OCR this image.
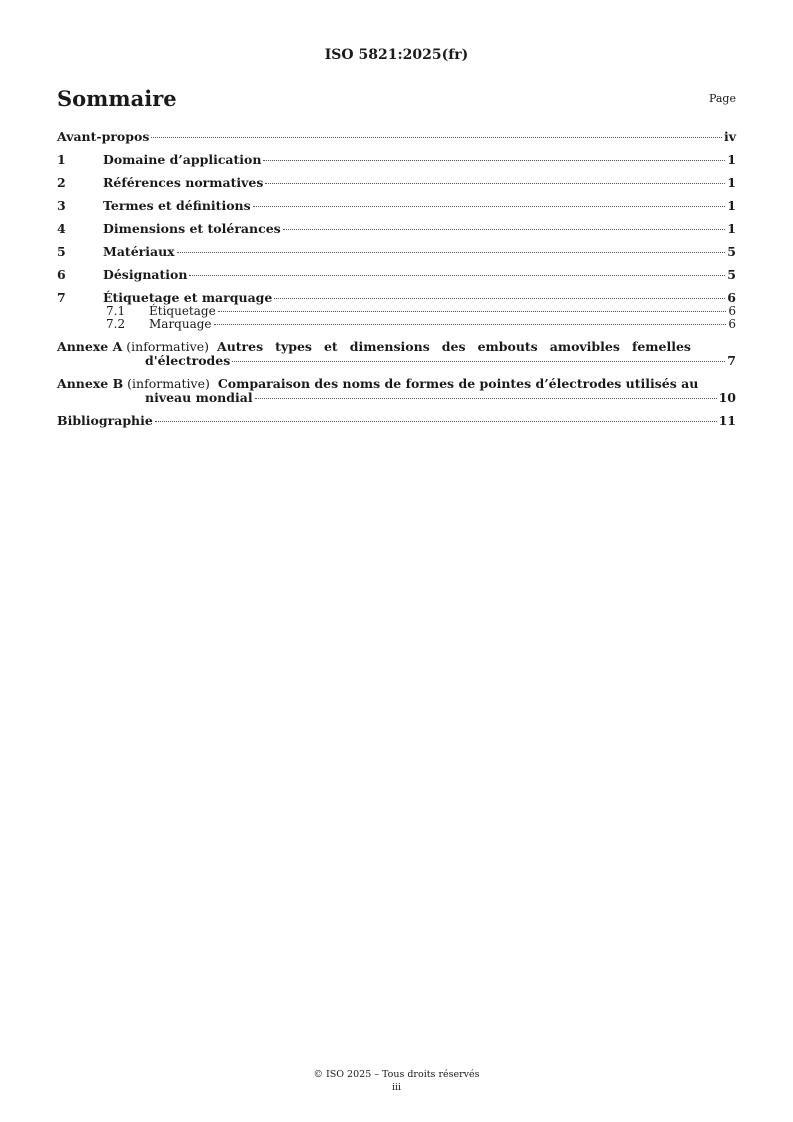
ISO 5821:2025(fr)
Sommaire	Page
Avant-propos	iv
1	Domaine d’application	1
2	Références normatives	1
3	Termes et définitions	1
4	Dimensions et tolérances	1
5	Matériaux	5
6	Désignation	5
7	Étiquetage et marquage	6
7.1 Étiquetage	6
7.2 Marquage	6
Annexe A (informative) Autres types et dimensions des embouts amovibles femelles
d'électrodes	7
Annexe B (informative) Comparaison des noms de formes de pointes d’électrodes utilisés au
niveau mondial	10
Bibliographie	11
© ISO 2025 – Tous droits réservés
iii
